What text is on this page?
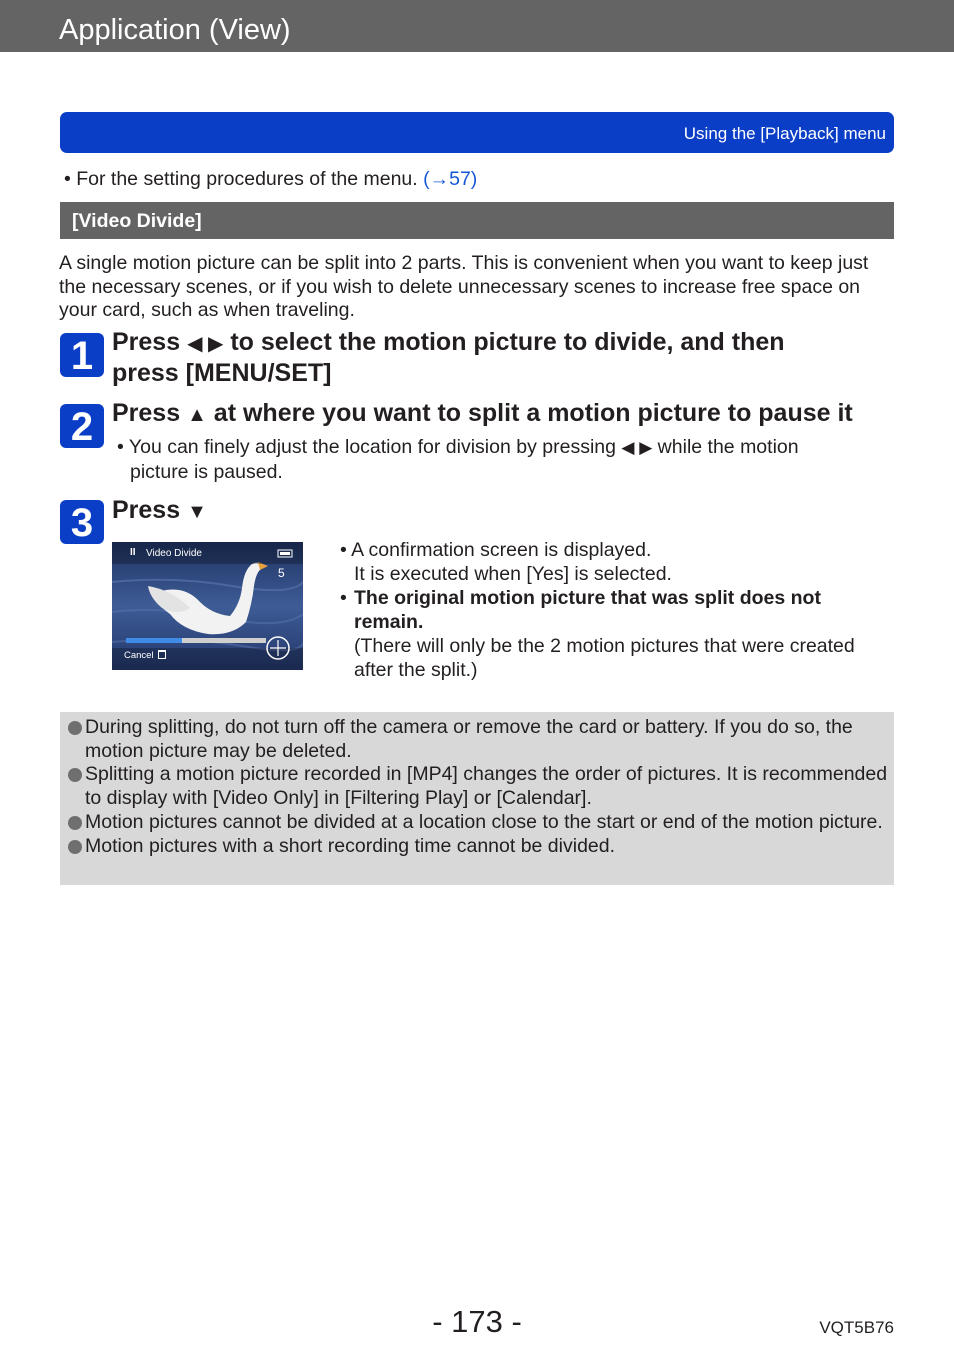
Application (View)
Using the [Playback] menu
• For the setting procedures of the menu. (→57)
[Video Divide]
A single motion picture can be split into 2 parts. This is convenient when you want to keep just the necessary scenes, or if you wish to delete unnecessary scenes to increase free space on your card, such as when traveling.
1 Press ◀ ▶ to select the motion picture to divide, and then
press [MENU/SET]
2 Press ▲ at where you want to split a motion picture to pause it
• You can finely adjust the location for division by pressing ◀ ▶ while the motion
picture is paused.
3 Press ▼
II Video Divide
5
Cancel
• A confirmation screen is displayed.
It is executed when [Yes] is selected.
• The original motion picture that was split does not
remain.
(There will only be the 2 motion pictures that were created
after the split.)

During splitting, do not turn off the camera or remove the card or battery. If you do so, the motion picture may be deleted.

Splitting a motion picture recorded in [MP4] changes the order of pictures. It is recommended to display with [Video Only] in [Filtering Play] or [Calendar].

Motion pictures cannot be divided at a location close to the start or end of the motion picture.

Motion pictures with a short recording time cannot be divided.

- 173 -	VQT5B76
